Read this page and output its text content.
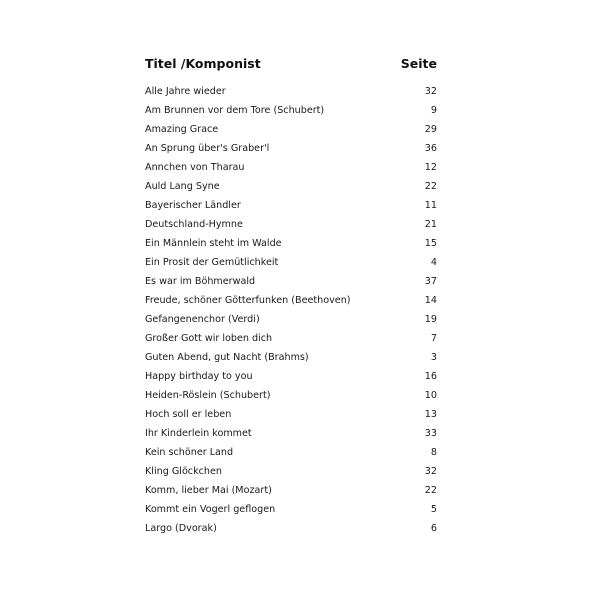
Titel /Komponist	Seite
Alle Jahre wieder	32
Am Brunnen vor dem Tore (Schubert)	9
Amazing Grace	29
An Sprung über's Graber'l	36
Ännchen von Tharau	12
Auld Lang Syne	22
Bayerischer Ländler	11
Deutschland-Hymne	21
Ein Männlein steht im Walde	15
Ein Prosit der Gemütlichkeit	4
Es war im Böhmerwald	37
Freude, schöner Götterfunken (Beethoven)	14
Gefangenenchor (Verdi)	19
Großer Gott wir loben dich	7
Guten Abend, gut Nacht (Brahms)	3
Happy birthday to you	16
Heiden-Röslein (Schubert)	10
Hoch soll er leben	13
Ihr Kinderlein kommet	33
Kein schöner Land	8
Kling Glöckchen	32
Komm, lieber Mai (Mozart)	22
Kommt ein Vogerl geflogen	5
Largo (Dvorak)	6
